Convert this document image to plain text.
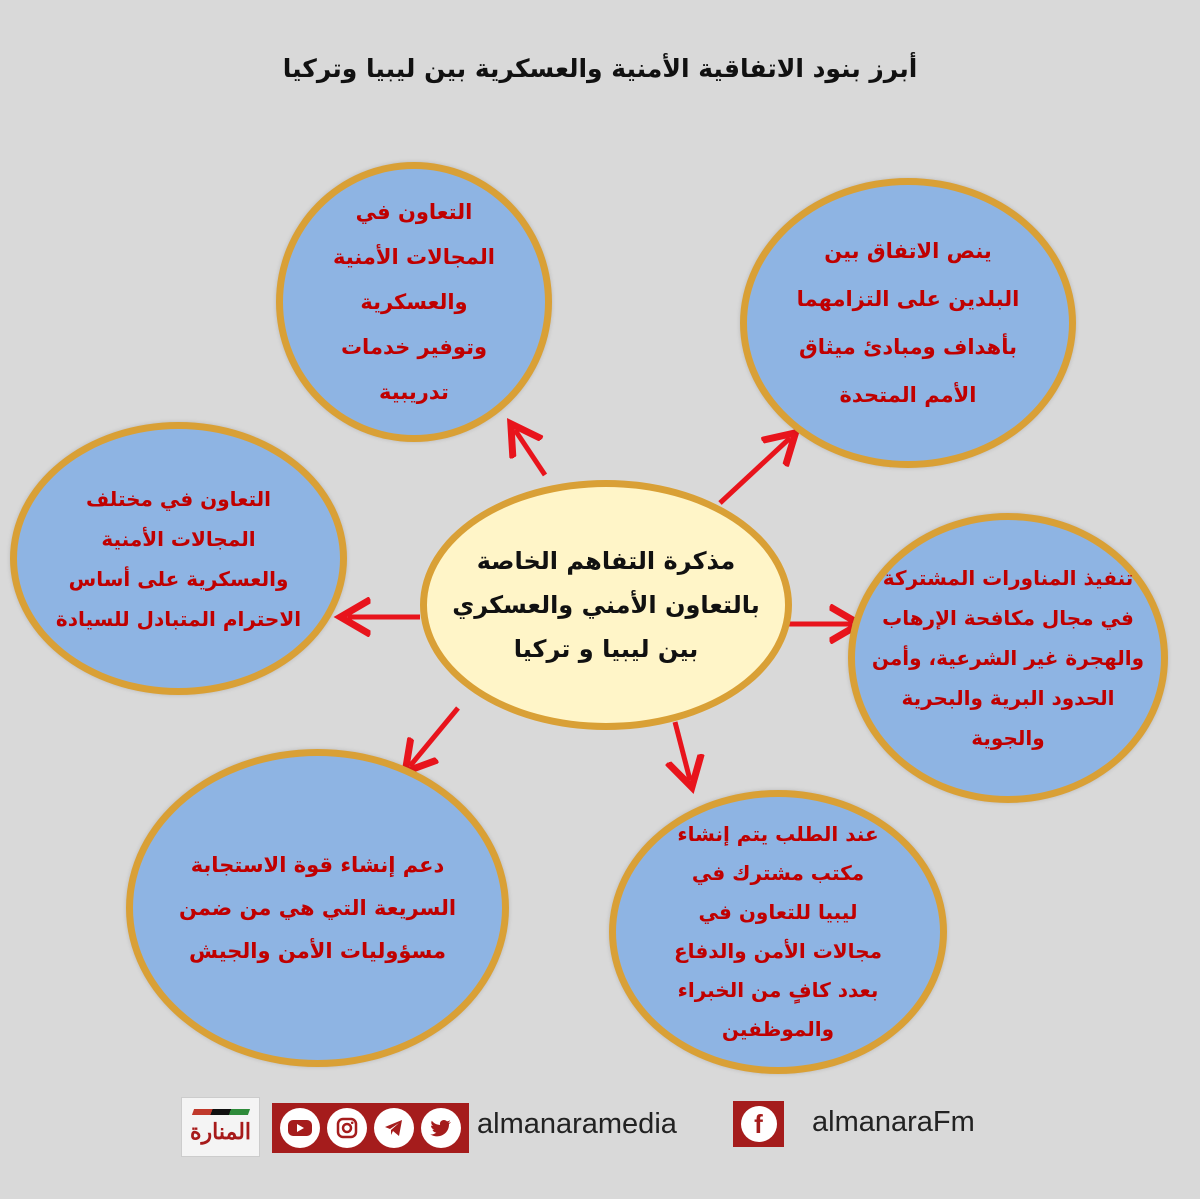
أبرز بنود الاتفاقية الأمنية والعسكرية بين ليبيا وتركيا
التعاون في
المجالات الأمنية
والعسكرية
وتوفير خدمات
تدريبية
ينص الاتفاق بين
البلدين على التزامهما
بأهداف ومبادئ ميثاق
الأمم المتحدة
التعاون في مختلف
المجالات الأمنية
والعسكرية على أساس
الاحترام المتبادل للسيادة
تنفيذ المناورات المشتركة
في مجال مكافحة الإرهاب
والهجرة غير الشرعية، وأمن
الحدود البرية والبحرية
والجوية
دعم إنشاء قوة الاستجابة
السريعة التي هي من ضمن
مسؤوليات الأمن والجيش
عند الطلب يتم إنشاء
مكتب مشترك في
ليبيا للتعاون في
مجالات الأمن والدفاع
بعدد كافٍ من الخبراء
والموظفين
مذكرة التفاهم الخاصة
بالتعاون الأمني والعسكري
بين ليبيا و تركيا
المنارة	almanaramedia	f	almanaraFm
